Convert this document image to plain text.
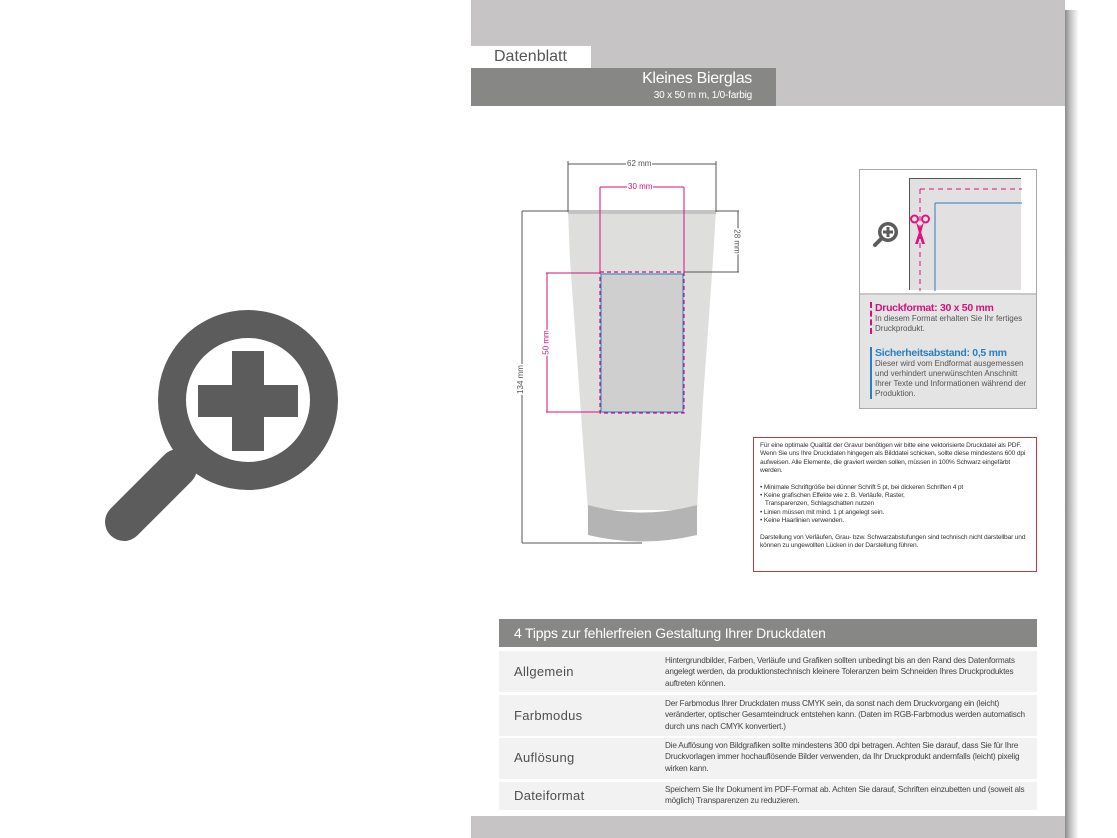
Datenblatt
Kleines Bierglas
30 x 50 m m, 1/0-farbig
62 mm
30 mm
28 mm
50 mm
134 mm
Druckformat: 30 x 50 mm
In diesem Format erhalten Sie Ihr fertiges Druckprodukt.
Sicherheitsabstand: 0,5 mm
Dieser wird vom Endformat ausgemessen und verhindert unerwünschten Anschnitt Ihrer Texte und Informationen während der Produktion.

Für eine optimale Qualität der Gravur benötigen wir bitte eine vektorisierte Druckdatei als PDF. Wenn Sie uns Ihre Druckdaten hingegen als Bilddatei schicken, sollte diese mindestens 600 dpi aufweisen. Alle Elemente, die graviert werden sollen, müssen in 100% Schwarz eingefärbt werden.

• Minimale Schriftgröße bei dünner Schrift 5 pt, bei dickeren Schriften 4 pt
• Keine grafischen Effekte wie z. B. Verläufe, Raster,
Transparenzen, Schlagschatten nutzen
• Linien müssen mit mind. 1 pt angelegt sein.
• Keine Haarlinien verwenden.

Darstellung von Verläufen, Grau- bzw. Schwarzabstufungen sind technisch nicht darstellbar und können zu ungewollten Lücken in der Darstellung führen.

4 Tipps zur fehlerfreien Gestaltung Ihrer Druckdaten
Allgemein
Hintergrundbilder, Farben, Verläufe und Grafiken sollten unbedingt bis an den Rand des Datenformats angelegt werden, da produktionstechnisch kleinere Toleranzen beim Schneiden Ihres Druckproduktes auftreten können.
Farbmodus
Der Farbmodus Ihrer Druckdaten muss CMYK sein, da sonst nach dem Druckvorgang ein (leicht) veränderter, optischer Gesamteindruck entstehen kann. (Daten im RGB-Farbmodus werden automatisch durch uns nach CMYK konvertiert.)
Auflösung
Die Auflösung von Bildgrafiken sollte mindestens 300 dpi betragen. Achten Sie darauf, dass Sie für Ihre Druckvorlagen immer hochauflösende Bilder verwenden, da Ihr Druckprodukt andernfalls (leicht) pixelig wirken kann.
Dateiformat	Speichern Sie Ihr Dokument im PDF-Format ab. Achten Sie darauf, Schriften einzubetten und (soweit als möglich) Transparenzen zu reduzieren.
